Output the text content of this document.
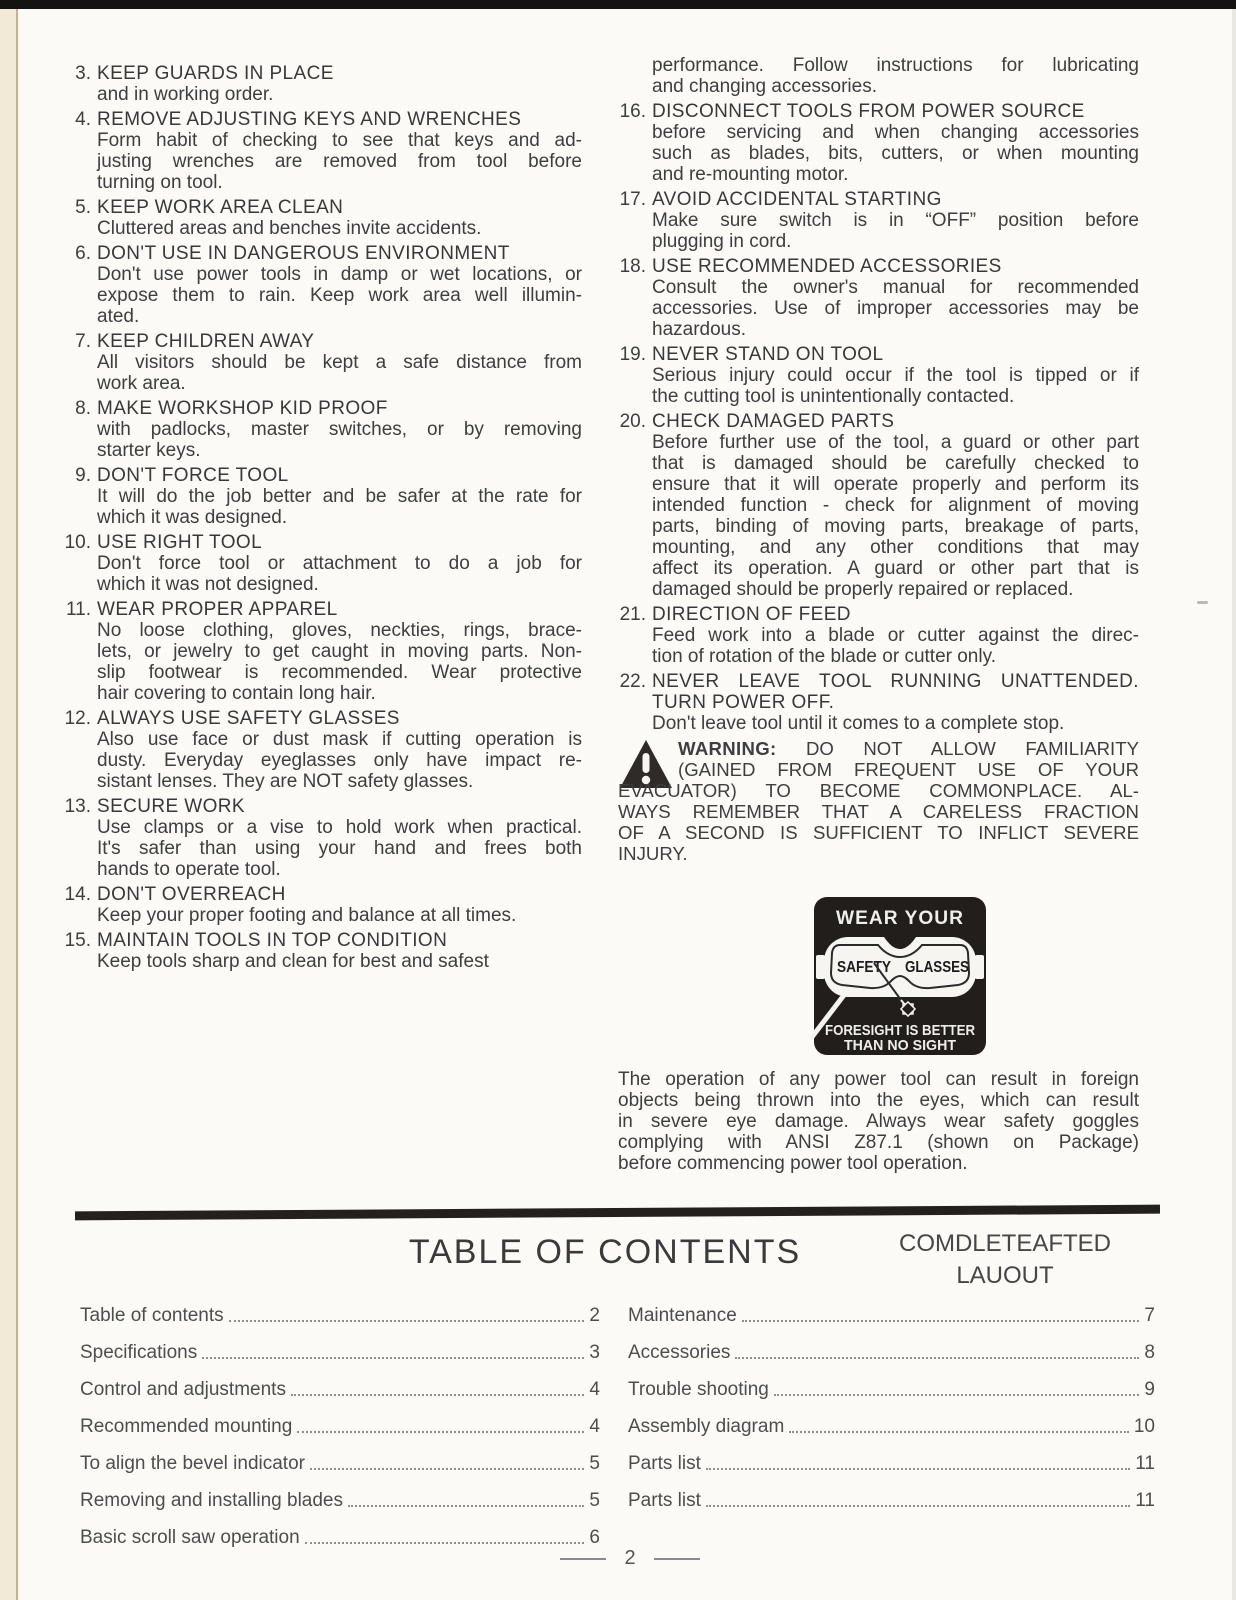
3. KEEP GUARDS IN PLACE
and in working order.
4. REMOVE ADJUSTING KEYS AND WRENCHES
Form habit of checking to see that keys and ad-
justing wrenches are removed from tool before
turning on tool.
5. KEEP WORK AREA CLEAN
Cluttered areas and benches invite accidents.
6. DON'T USE IN DANGEROUS ENVIRONMENT
Don't use power tools in damp or wet locations, or
expose them to rain. Keep work area well illumin-
ated.
7. KEEP CHILDREN AWAY
All visitors should be kept a safe distance from
work area.
8. MAKE WORKSHOP KID PROOF
with padlocks, master switches, or by removing
starter keys.
9. DON'T FORCE TOOL
It will do the job better and be safer at the rate for
which it was designed.
10. USE RIGHT TOOL
Don't force tool or attachment to do a job for
which it was not designed.
11. WEAR PROPER APPAREL
No loose clothing, gloves, neckties, rings, brace-
lets, or jewelry to get caught in moving parts. Non-
slip footwear is recommended. Wear protective
hair covering to contain long hair.
12. ALWAYS USE SAFETY GLASSES
Also use face or dust mask if cutting operation is
dusty. Everyday eyeglasses only have impact re-
sistant lenses. They are NOT safety glasses.
13. SECURE WORK
Use clamps or a vise to hold work when practical.
It's safer than using your hand and frees both
hands to operate tool.
14. DON'T OVERREACH
Keep your proper footing and balance at all times.
15. MAINTAIN TOOLS IN TOP CONDITION
Keep tools sharp and clean for best and safest
performance. Follow instructions for lubricating
and changing accessories.
16. DISCONNECT TOOLS FROM POWER SOURCE
before servicing and when changing accessories
such as blades, bits, cutters, or when mounting
and re-mounting motor.
17. AVOID ACCIDENTAL STARTING
Make sure switch is in “OFF” position before
plugging in cord.
18. USE RECOMMENDED ACCESSORIES
Consult the owner's manual for recommended
accessories. Use of improper accessories may be
hazardous.
19. NEVER STAND ON TOOL
Serious injury could occur if the tool is tipped or if
the cutting tool is unintentionally contacted.
20. CHECK DAMAGED PARTS
Before further use of the tool, a guard or other part
that is damaged should be carefully checked to
ensure that it will operate properly and perform its
intended function - check for alignment of moving
parts, binding of moving parts, breakage of parts,
mounting, and any other conditions that may
affect its operation. A guard or other part that is
damaged should be properly repaired or replaced.
21. DIRECTION OF FEED
Feed work into a blade or cutter against the direc-
tion of rotation of the blade or cutter only.
22. NEVER LEAVE TOOL RUNNING UNATTENDED.
TURN POWER OFF.
Don't leave tool until it comes to a complete stop.
WARNING: DO NOT ALLOW FAMILIARITY
(GAINED FROM FREQUENT USE OF YOUR
EVACUATOR) TO BECOME COMMONPLACE. AL-
WAYS REMEMBER THAT A CARELESS FRACTION
OF A SECOND IS SUFFICIENT TO INFLICT SEVERE
INJURY.
WEAR YOUR
SAFETY GLASSES
FORESIGHT IS BETTER
THAN NO SIGHT
The operation of any power tool can result in foreign
objects being thrown into the eyes, which can result
in severe eye damage. Always wear safety goggles
complying with ANSI Z87.1 (shown on Package)
before commencing power tool operation.
TABLE OF CONTENTS	COMDLETEAFTED
LAUOUT
Table of contents	2
Specifications	3
Control and adjustments	4
Recommended mounting	4
To align the bevel indicator	5
Removing and installing blades	5
Basic scroll saw operation	6
Maintenance	7
Accessories	8
Trouble shooting	9
Assembly diagram	10
Parts list	11
Parts list	11
2
